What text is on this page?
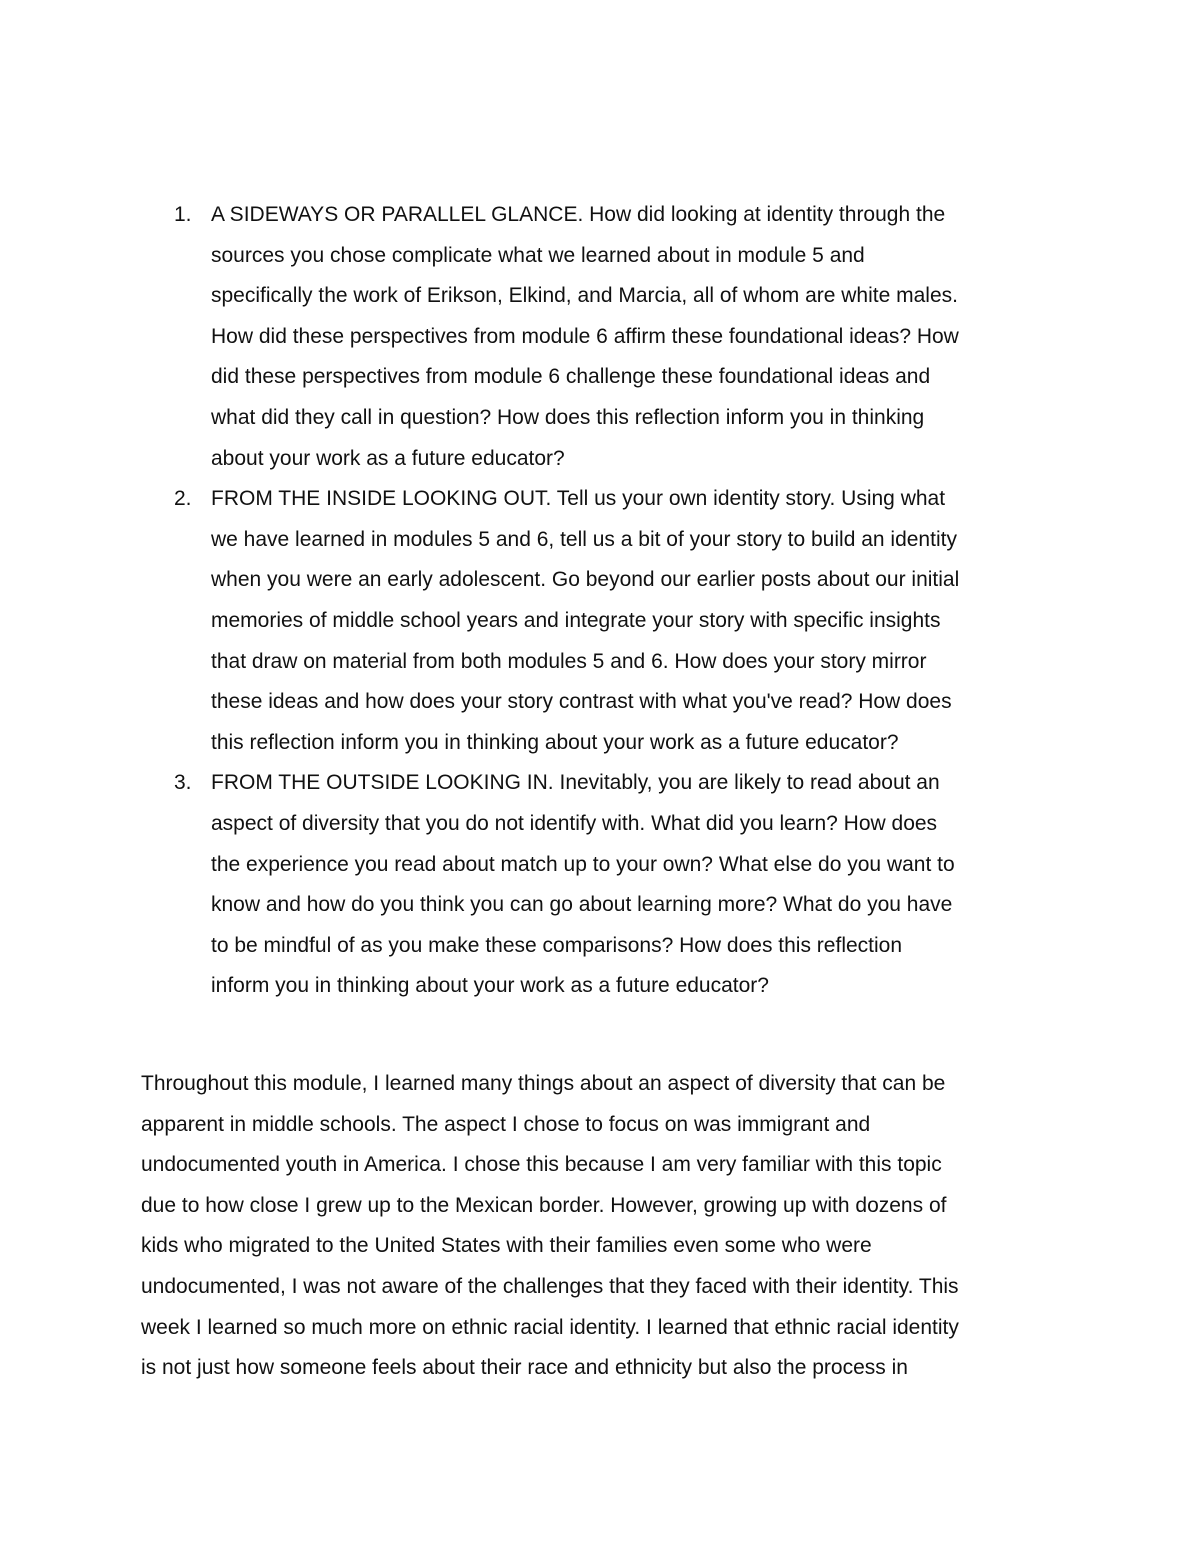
1. A SIDEWAYS OR PARALLEL GLANCE. How did looking at identity through the
sources you chose complicate what we learned about in module 5 and
specifically the work of Erikson, Elkind, and Marcia, all of whom are white males.
How did these perspectives from module 6 affirm these foundational ideas? How
did these perspectives from module 6 challenge these foundational ideas and
what did they call in question? How does this reflection inform you in thinking
about your work as a future educator?
2. FROM THE INSIDE LOOKING OUT. Tell us your own identity story. Using what
we have learned in modules 5 and 6, tell us a bit of your story to build an identity
when you were an early adolescent. Go beyond our earlier posts about our initial
memories of middle school years and integrate your story with specific insights
that draw on material from both modules 5 and 6. How does your story mirror
these ideas and how does your story contrast with what you've read? How does
this reflection inform you in thinking about your work as a future educator?
3. FROM THE OUTSIDE LOOKING IN. Inevitably, you are likely to read about an
aspect of diversity that you do not identify with. What did you learn? How does
the experience you read about match up to your own? What else do you want to
know and how do you think you can go about learning more? What do you have
to be mindful of as you make these comparisons? How does this reflection
inform you in thinking about your work as a future educator?
Throughout this module, I learned many things about an aspect of diversity that can be
apparent in middle schools. The aspect I chose to focus on was immigrant and
undocumented youth in America. I chose this because I am very familiar with this topic
due to how close I grew up to the Mexican border. However, growing up with dozens of
kids who migrated to the United States with their families even some who were
undocumented, I was not aware of the challenges that they faced with their identity. This
week I learned so much more on ethnic racial identity. I learned that ethnic racial identity
is not just how someone feels about their race and ethnicity but also the process in
